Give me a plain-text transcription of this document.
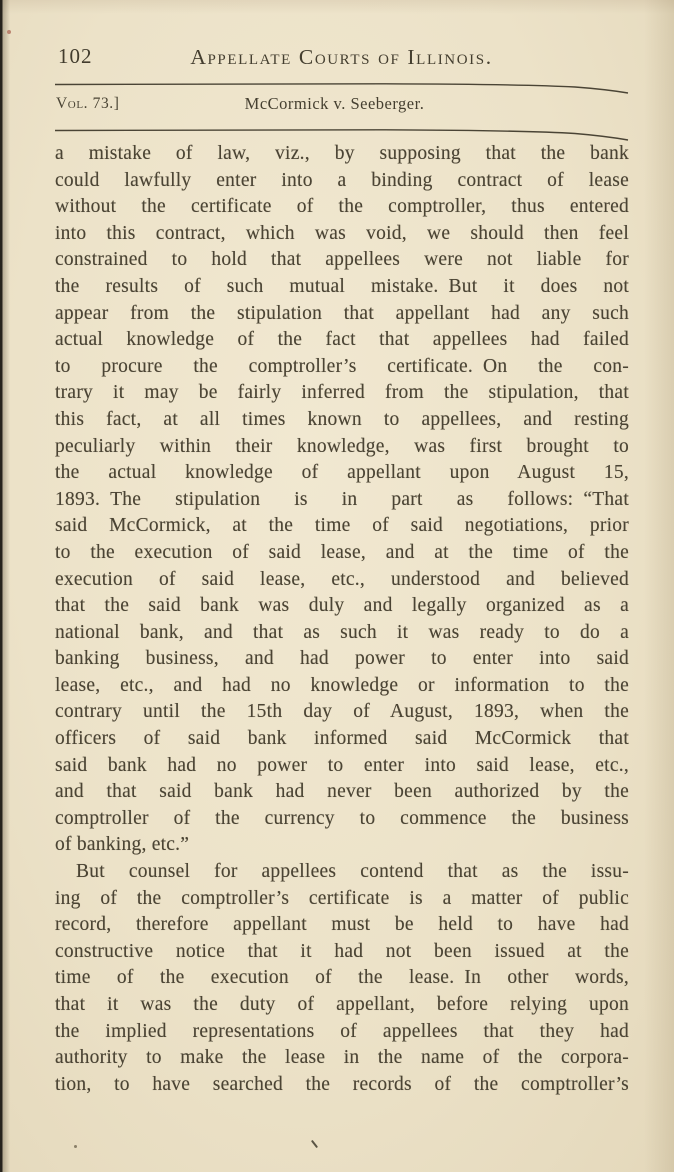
102	Appellate Courts of Illinois.
Vol. 73.]	McCormick v. Seeberger.
a mistake of law, viz., by supposing that the bank
could lawfully enter into a binding contract of lease
without the certificate of the comptroller, thus entered
into this contract, which was void, we should then feel
constrained to hold that appellees were not liable for
the results of such mutual mistake. But it does not
appear from the stipulation that appellant had any such
actual knowledge of the fact that appellees had failed
to procure the comptroller’s certificate. On the con-
trary it may be fairly inferred from the stipulation, that
this fact, at all times known to appellees, and resting
peculiarly within their knowledge, was first brought to
the actual knowledge of appellant upon August 15,
1893. The stipulation is in part as follows: “That
said McCormick, at the time of said negotiations, prior
to the execution of said lease, and at the time of the
execution of said lease, etc., understood and believed
that the said bank was duly and legally organized as a
national bank, and that as such it was ready to do a
banking business, and had power to enter into said
lease, etc., and had no knowledge or information to the
contrary until the 15th day of August, 1893, when the
officers of said bank informed said McCormick that
said bank had no power to enter into said lease, etc.,
and that said bank had never been authorized by the
comptroller of the currency to commence the business
of banking, etc.”
But counsel for appellees contend that as the issu-
ing of the comptroller’s certificate is a matter of public
record, therefore appellant must be held to have had
constructive notice that it had not been issued at the
time of the execution of the lease. In other words,
that it was the duty of appellant, before relying upon
the implied representations of appellees that they had
authority to make the lease in the name of the corpora-
tion, to have searched the records of the comptroller’s
